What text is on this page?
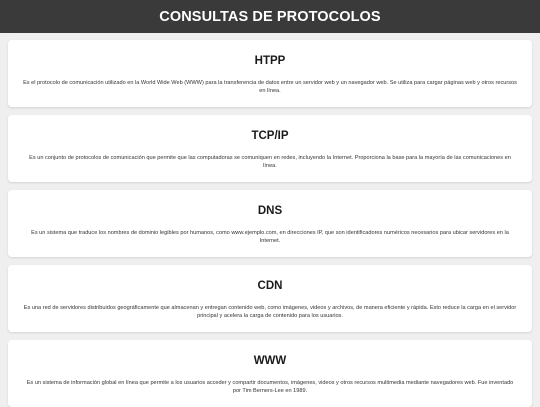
CONSULTAS DE PROTOCOLOS
HTPP

Es el protocolo de comunicación utilizado en la World Wide Web (WWW) para la transferencia de datos entre un servidor web y un navegador web. Se utiliza para cargar páginas web y otros recursos en línea.

TCP/IP

Es un conjunto de protocolos de comunicación que permite que las computadoras se comuniquen en redes, incluyendo la Internet. Proporciona la base para la mayoría de las comunicaciones en línea.

DNS

Es un sistema que traduce los nombres de dominio legibles por humanos, como www.ejemplo.com, en direcciones IP, que son identificadores numéricos necesarios para ubicar servidores en la Internet.

CDN

Es una red de servidores distribuidos geográficamente que almacenan y entregan contenido web, como imágenes, videos y archivos, de manera eficiente y rápida. Esto reduce la carga en el servidor principal y acelera la carga de contenido para los usuarios.

WWW

Es un sistema de información global en línea que permite a los usuarios acceder y compartir documentos, imágenes, videos y otros recursos multimedia mediante navegadores web. Fue inventado por Tim Berners-Lee en 1989.
